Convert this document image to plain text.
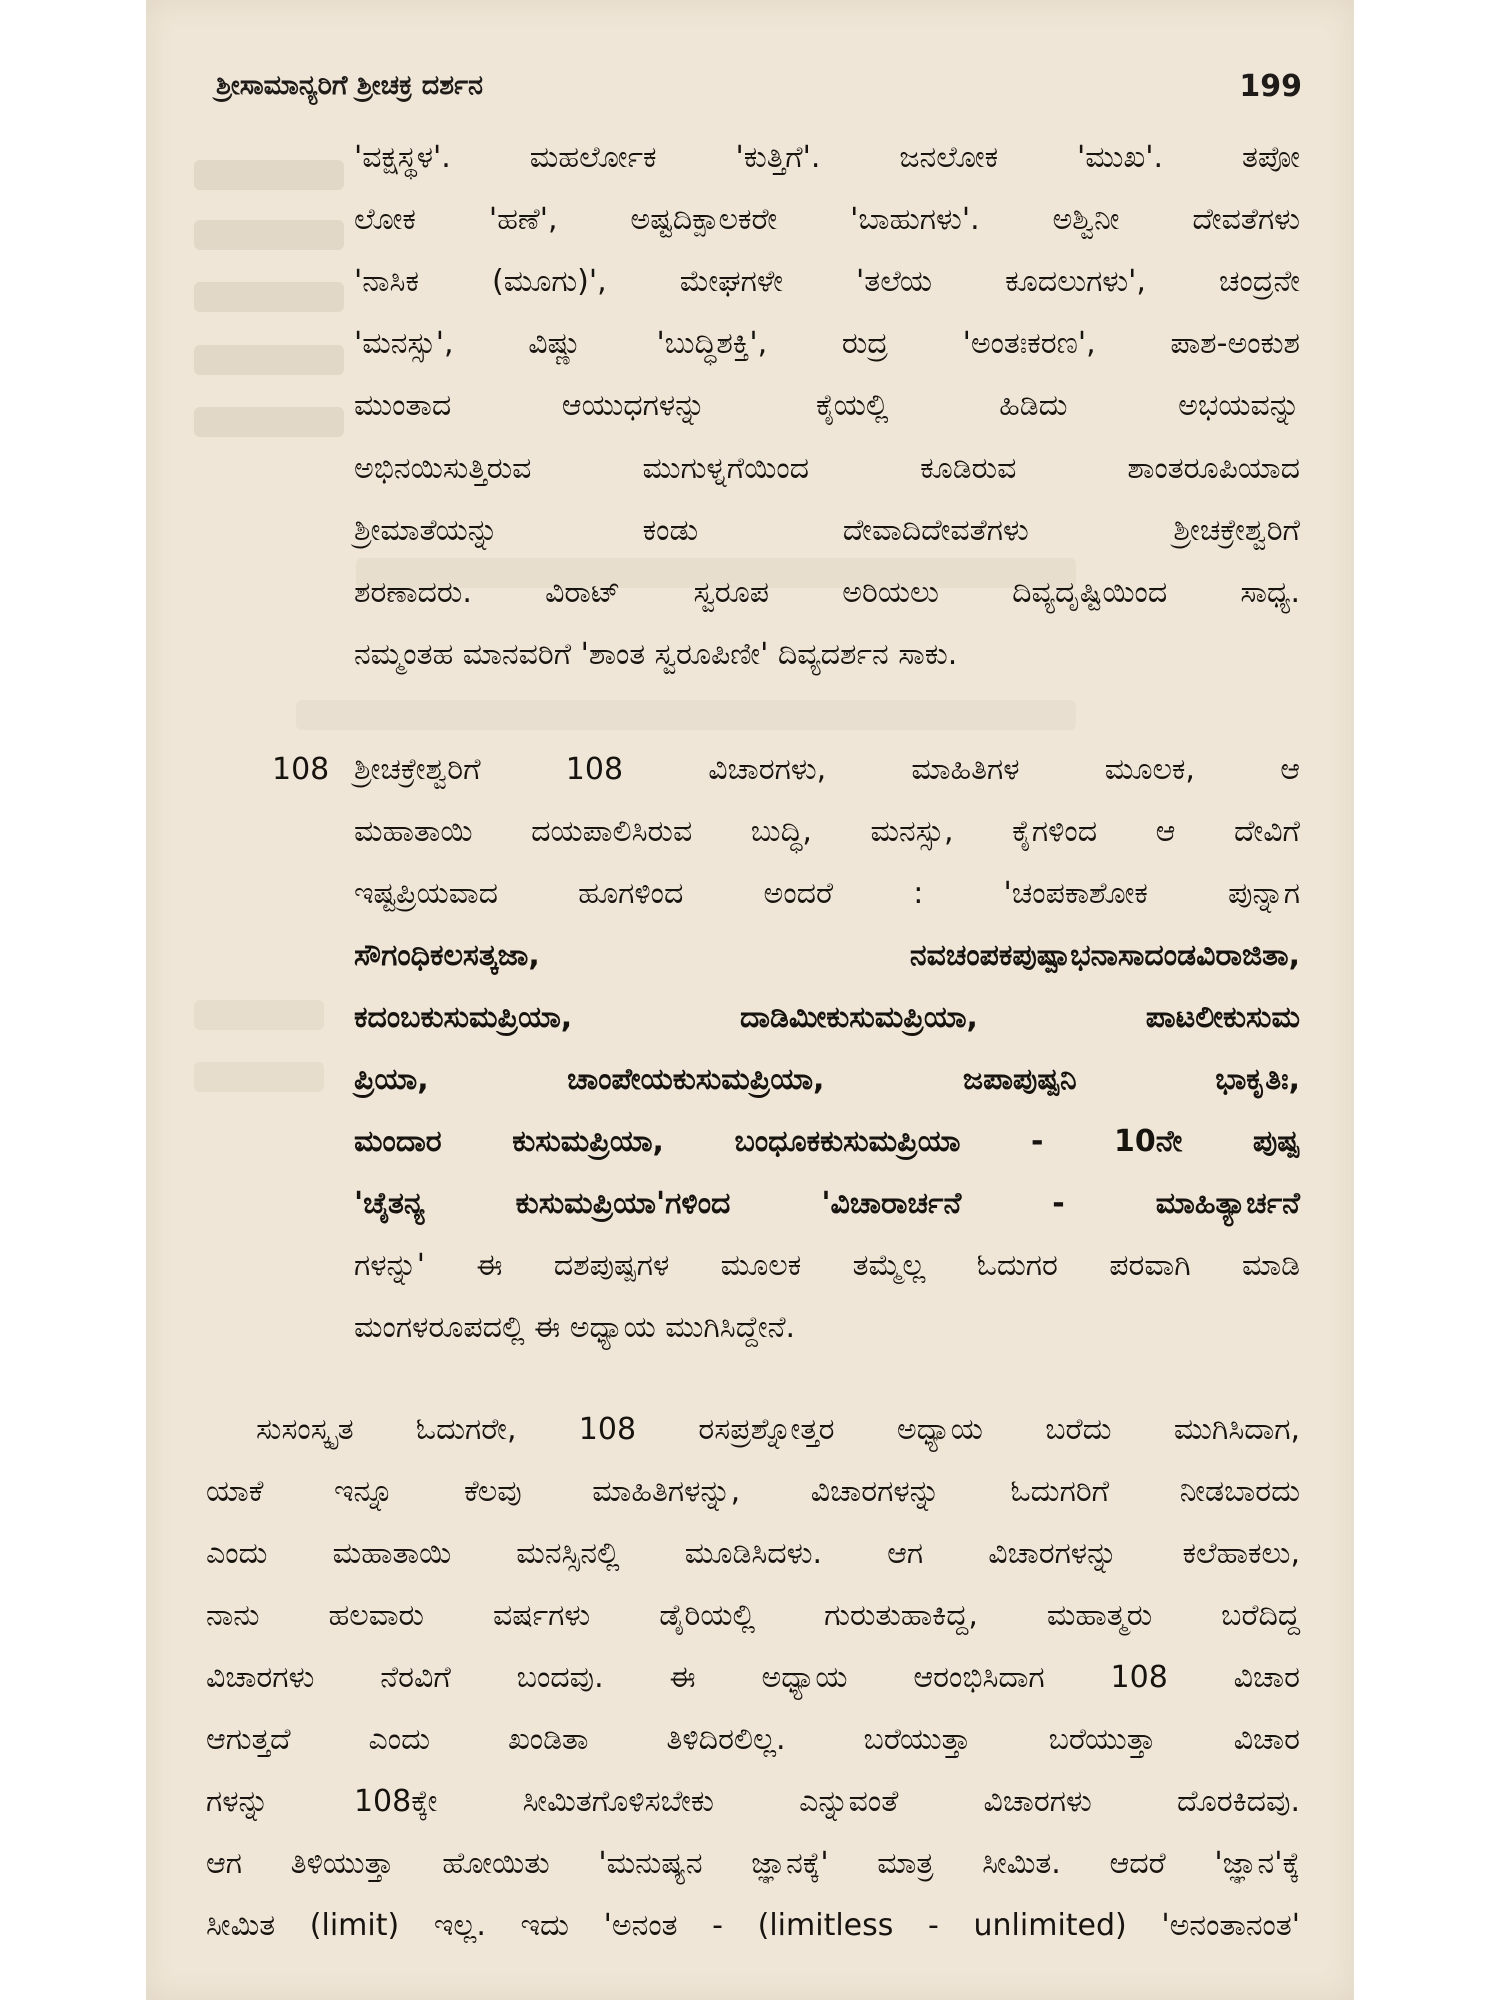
ಶ್ರೀಸಾಮಾನ್ಯರಿಗೆ ಶ್ರೀಚಕ್ರ ದರ್ಶನ	199
'ವಕ್ಷಸ್ಥಳ'. ಮಹರ್ಲೋಕ 'ಕುತ್ತಿಗೆ'. ಜನಲೋಕ 'ಮುಖ'. ತಪೋ
ಲೋಕ 'ಹಣೆ', ಅಷ್ಟದಿಕ್ಪಾಲಕರೇ 'ಬಾಹುಗಳು'. ಅಶ್ವಿನೀ ದೇವತೆಗಳು
'ನಾಸಿಕ (ಮೂಗು)', ಮೇಘಗಳೇ 'ತಲೆಯ ಕೂದಲುಗಳು', ಚಂದ್ರನೇ
'ಮನಸ್ಸು', ವಿಷ್ಣು 'ಬುದ್ಧಿಶಕ್ತಿ', ರುದ್ರ 'ಅಂತಃಕರಣ', ಪಾಶ-ಅಂಕುಶ
ಮುಂತಾದ ಆಯುಧಗಳನ್ನು ಕೈಯಲ್ಲಿ ಹಿಡಿದು ಅಭಯವನ್ನು
ಅಭಿನಯಿಸುತ್ತಿರುವ ಮುಗುಳ್ನಗೆಯಿಂದ ಕೂಡಿರುವ ಶಾಂತರೂಪಿಯಾದ
ಶ್ರೀಮಾತೆಯನ್ನು ಕಂಡು ದೇವಾದಿದೇವತೆಗಳು ಶ್ರೀಚಕ್ರೇಶ್ವರಿಗೆ
ಶರಣಾದರು. ವಿರಾಟ್ ಸ್ವರೂಪ ಅರಿಯಲು ದಿವ್ಯದೃಷ್ಟಿಯಿಂದ ಸಾಧ್ಯ.
ನಮ್ಮಂತಹ ಮಾನವರಿಗೆ 'ಶಾಂತ ಸ್ವರೂಪಿಣೀ' ದಿವ್ಯದರ್ಶನ ಸಾಕು.
108 ಶ್ರೀಚಕ್ರೇಶ್ವರಿಗೆ 108 ವಿಚಾರಗಳು, ಮಾಹಿತಿಗಳ ಮೂಲಕ, ಆ
ಮಹಾತಾಯಿ ದಯಪಾಲಿಸಿರುವ ಬುದ್ಧಿ, ಮನಸ್ಸು, ಕೈಗಳಿಂದ ಆ ದೇವಿಗೆ
ಇಷ್ಟಪ್ರಿಯವಾದ ಹೂಗಳಿಂದ ಅಂದರೆ : 'ಚಂಪಕಾಶೋಕ ಪುನ್ನಾಗ
ಸೌಗಂಧಿಕಲಸತ್ಕಜಾ, ನವಚಂಪಕಪುಷ್ಪಾಭನಾಸಾದಂಡವಿರಾಜಿತಾ,
ಕದಂಬಕುಸುಮಪ್ರಿಯಾ, ದಾಡಿಮೀಕುಸುಮಪ್ರಿಯಾ, ಪಾಟಲೀಕುಸುಮ
ಪ್ರಿಯಾ, ಚಾಂಪೇಯಕುಸುಮಪ್ರಿಯಾ, ಜಪಾಪುಷ್ಪನಿ ಭಾಕೃತಿಃ,
ಮಂದಾರ ಕುಸುಮಪ್ರಿಯಾ, ಬಂಧೂಕಕುಸುಮಪ್ರಿಯಾ - 10ನೇ ಪುಷ್ಪ
'ಚೈತನ್ಯ ಕುಸುಮಪ್ರಿಯಾ'ಗಳಿಂದ 'ವಿಚಾರಾರ್ಚನೆ - ಮಾಹಿತ್ಯಾರ್ಚನೆ
ಗಳನ್ನು' ಈ ದಶಪುಷ್ಪಗಳ ಮೂಲಕ ತಮ್ಮೆಲ್ಲ ಓದುಗರ ಪರವಾಗಿ ಮಾಡಿ
ಮಂಗಳರೂಪದಲ್ಲಿ ಈ ಅಧ್ಯಾಯ ಮುಗಿಸಿದ್ದೇನೆ.
ಸುಸಂಸ್ಕೃತ ಓದುಗರೇ, 108 ರಸಪ್ರಶ್ನೋತ್ತರ ಅಧ್ಯಾಯ ಬರೆದು ಮುಗಿಸಿದಾಗ,
ಯಾಕೆ ಇನ್ನೂ ಕೆಲವು ಮಾಹಿತಿಗಳನ್ನು, ವಿಚಾರಗಳನ್ನು ಓದುಗರಿಗೆ ನೀಡಬಾರದು
ಎಂದು ಮಹಾತಾಯಿ ಮನಸ್ಸಿನಲ್ಲಿ ಮೂಡಿಸಿದಳು. ಆಗ ವಿಚಾರಗಳನ್ನು ಕಲೆಹಾಕಲು,
ನಾನು ಹಲವಾರು ವರ್ಷಗಳು ಡೈರಿಯಲ್ಲಿ ಗುರುತುಹಾಕಿದ್ದ, ಮಹಾತ್ಮರು ಬರೆದಿದ್ದ
ವಿಚಾರಗಳು ನೆರವಿಗೆ ಬಂದವು. ಈ ಅಧ್ಯಾಯ ಆರಂಭಿಸಿದಾಗ 108 ವಿಚಾರ
ಆಗುತ್ತದೆ ಎಂದು ಖಂಡಿತಾ ತಿಳಿದಿರಲಿಲ್ಲ. ಬರೆಯುತ್ತಾ ಬರೆಯುತ್ತಾ ವಿಚಾರ
ಗಳನ್ನು 108ಕ್ಕೇ ಸೀಮಿತಗೊಳಿಸಬೇಕು ಎನ್ನುವಂತೆ ವಿಚಾರಗಳು ದೊರಕಿದವು.
ಆಗ ತಿಳಿಯುತ್ತಾ ಹೋಯಿತು 'ಮನುಷ್ಯನ ಜ್ಞಾನಕ್ಕೆ' ಮಾತ್ರ ಸೀಮಿತ. ಆದರೆ 'ಜ್ಞಾನ'ಕ್ಕೆ
ಸೀಮಿತ (limit) ಇಲ್ಲ. ಇದು 'ಅನಂತ - (limitless - unlimited) 'ಅನಂತಾನಂತ'
